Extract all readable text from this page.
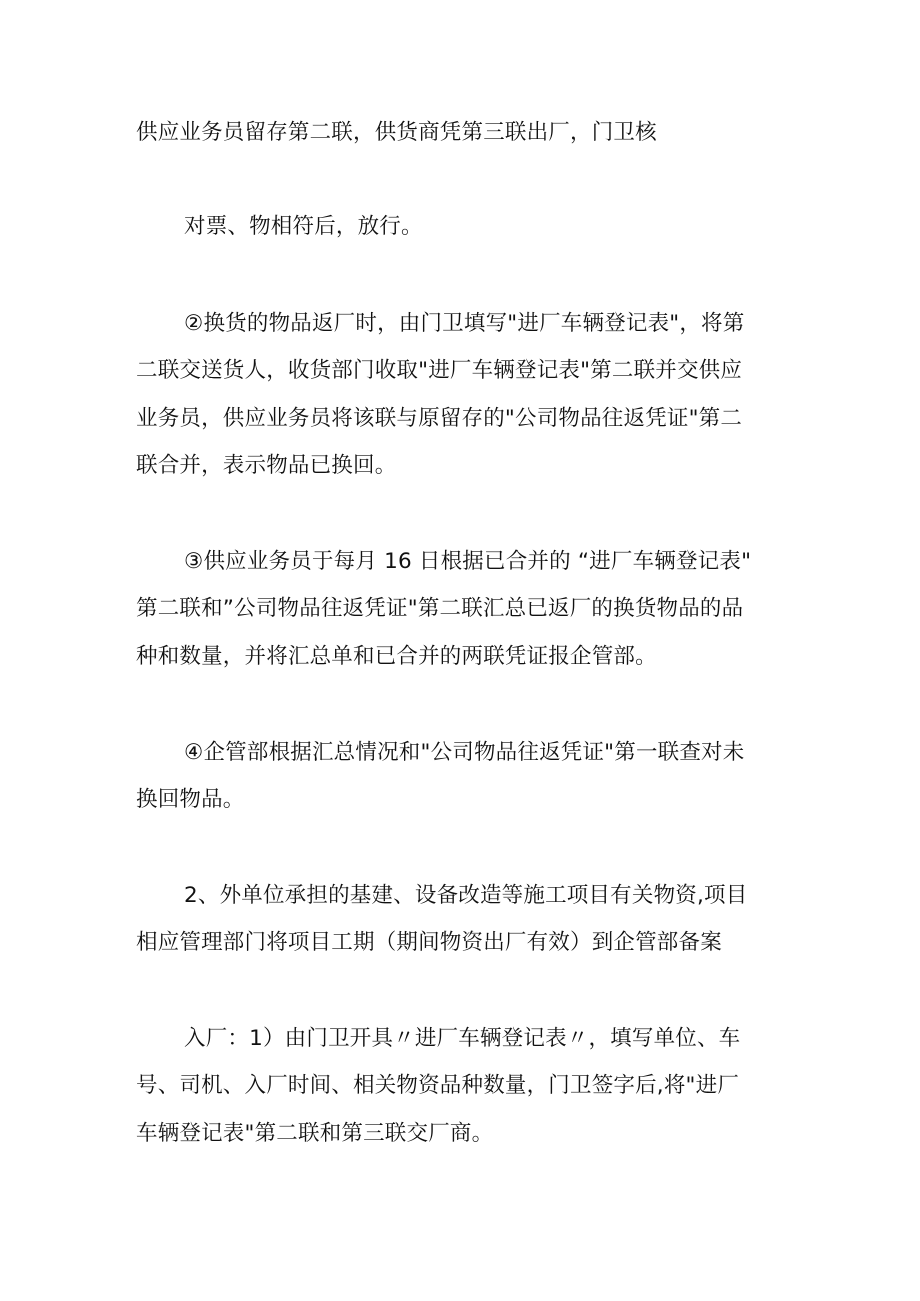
供应业务员留存第二联，供货商凭第三联出厂，门卫核
对票、物相符后，放行。
②换货的物品返厂时，由门卫填写"进厂车辆登记表"，将第
二联交送货人，收货部门收取"进厂车辆登记表"第二联并交供应
业务员，供应业务员将该联与原留存的"公司物品往返凭证"第二
联合并，表示物品已换回。
③供应业务员于每月 16 日根据已合并的 “进厂车辆登记表"
第二联和”公司物品往返凭证"第二联汇总已返厂的换货物品的品
种和数量，并将汇总单和已合并的两联凭证报企管部。
④企管部根据汇总情况和"公司物品往返凭证"第一联查对未
换回物品。
2、外单位承担的基建、设备改造等施工项目有关物资,项目
相应管理部门将项目工期（期间物资出厂有效）到企管部备案
入厂：1）由门卫开具〃进厂车辆登记表〃，填写单位、车
号、司机、入厂时间、相关物资品种数量，门卫签字后,将"进厂
车辆登记表"第二联和第三联交厂商。
